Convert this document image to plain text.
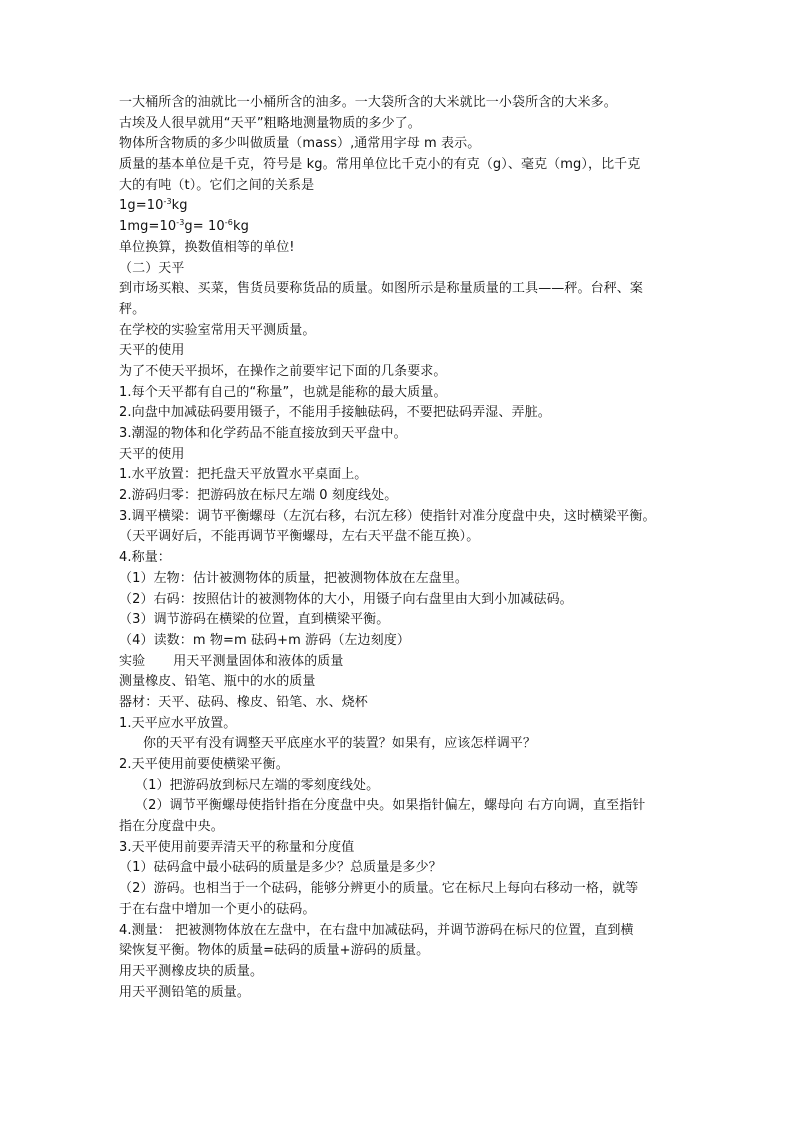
一大桶所含的油就比一小桶所含的油多。一大袋所含的大米就比一小袋所含的大米多。
古埃及人很早就用“天平”粗略地测量物质的多少了。
物体所含物质的多少叫做质量（mass）,通常用字母 m 表示。
质量的基本单位是千克，符号是 kg。常用单位比千克小的有克（g）、毫克（mg），比千克
大的有吨（t）。它们之间的关系是
$1g=10^{-3}kg$
$1mg=10^{-3}g= 10^{-6}kg$
单位换算，换数值相等的单位!
（二）天平
到市场买粮、买菜，售货员要称货品的质量。如图所示是称量质量的工具——秤。台秤、案
秤。
在学校的实验室常用天平测质量。
天平的使用
为了不使天平损坏，在操作之前要牢记下面的几条要求。
1.每个天平都有自己的“称量”，也就是能称的最大质量。
2.向盘中加减砝码要用镊子，不能用手接触砝码，不要把砝码弄湿、弄脏。
3.潮湿的物体和化学药品不能直接放到天平盘中。
天平的使用
1.水平放置：把托盘天平放置水平桌面上。
2.游码归零：把游码放在标尺左端 0 刻度线处。
3.调平横梁：调节平衡螺母（左沉右移，右沉左移）使指针对准分度盘中央，这时横梁平衡。
（天平调好后，不能再调节平衡螺母，左右天平盘不能互换）。
4.称量：
（1）左物：估计被测物体的质量，把被测物体放在左盘里。
（2）右码：按照估计的被测物体的大小，用镊子向右盘里由大到小加减砝码。
（3）调节游码在横梁的位置，直到横梁平衡。
（4）读数：m 物=m 砝码+m 游码（左边刻度）
实验 用天平测量固体和液体的质量
测量橡皮、铅笔、瓶中的水的质量
器材：天平、砝码、橡皮、铅笔、水、烧杯
1.天平应水平放置。
你的天平有没有调整天平底座水平的装置？如果有，应该怎样调平？
2.天平使用前要使横梁平衡。
（1）把游码放到标尺左端的零刻度线处。
（2）调节平衡螺母使指针指在分度盘中央。如果指针偏左，螺母向 右方向调，直至指针
指在分度盘中央。
3.天平使用前要弄清天平的称量和分度值
（1）砝码盒中最小砝码的质量是多少？总质量是多少？
（2）游码。也相当于一个砝码，能够分辨更小的质量。它在标尺上每向右移动一格，就等
于在右盘中增加一个更小的砝码。
4.测量： 把被测物体放在左盘中，在右盘中加减砝码，并调节游码在标尺的位置，直到横
梁恢复平衡。物体的质量=砝码的质量+游码的质量。
用天平测橡皮块的质量。
用天平测铅笔的质量。
